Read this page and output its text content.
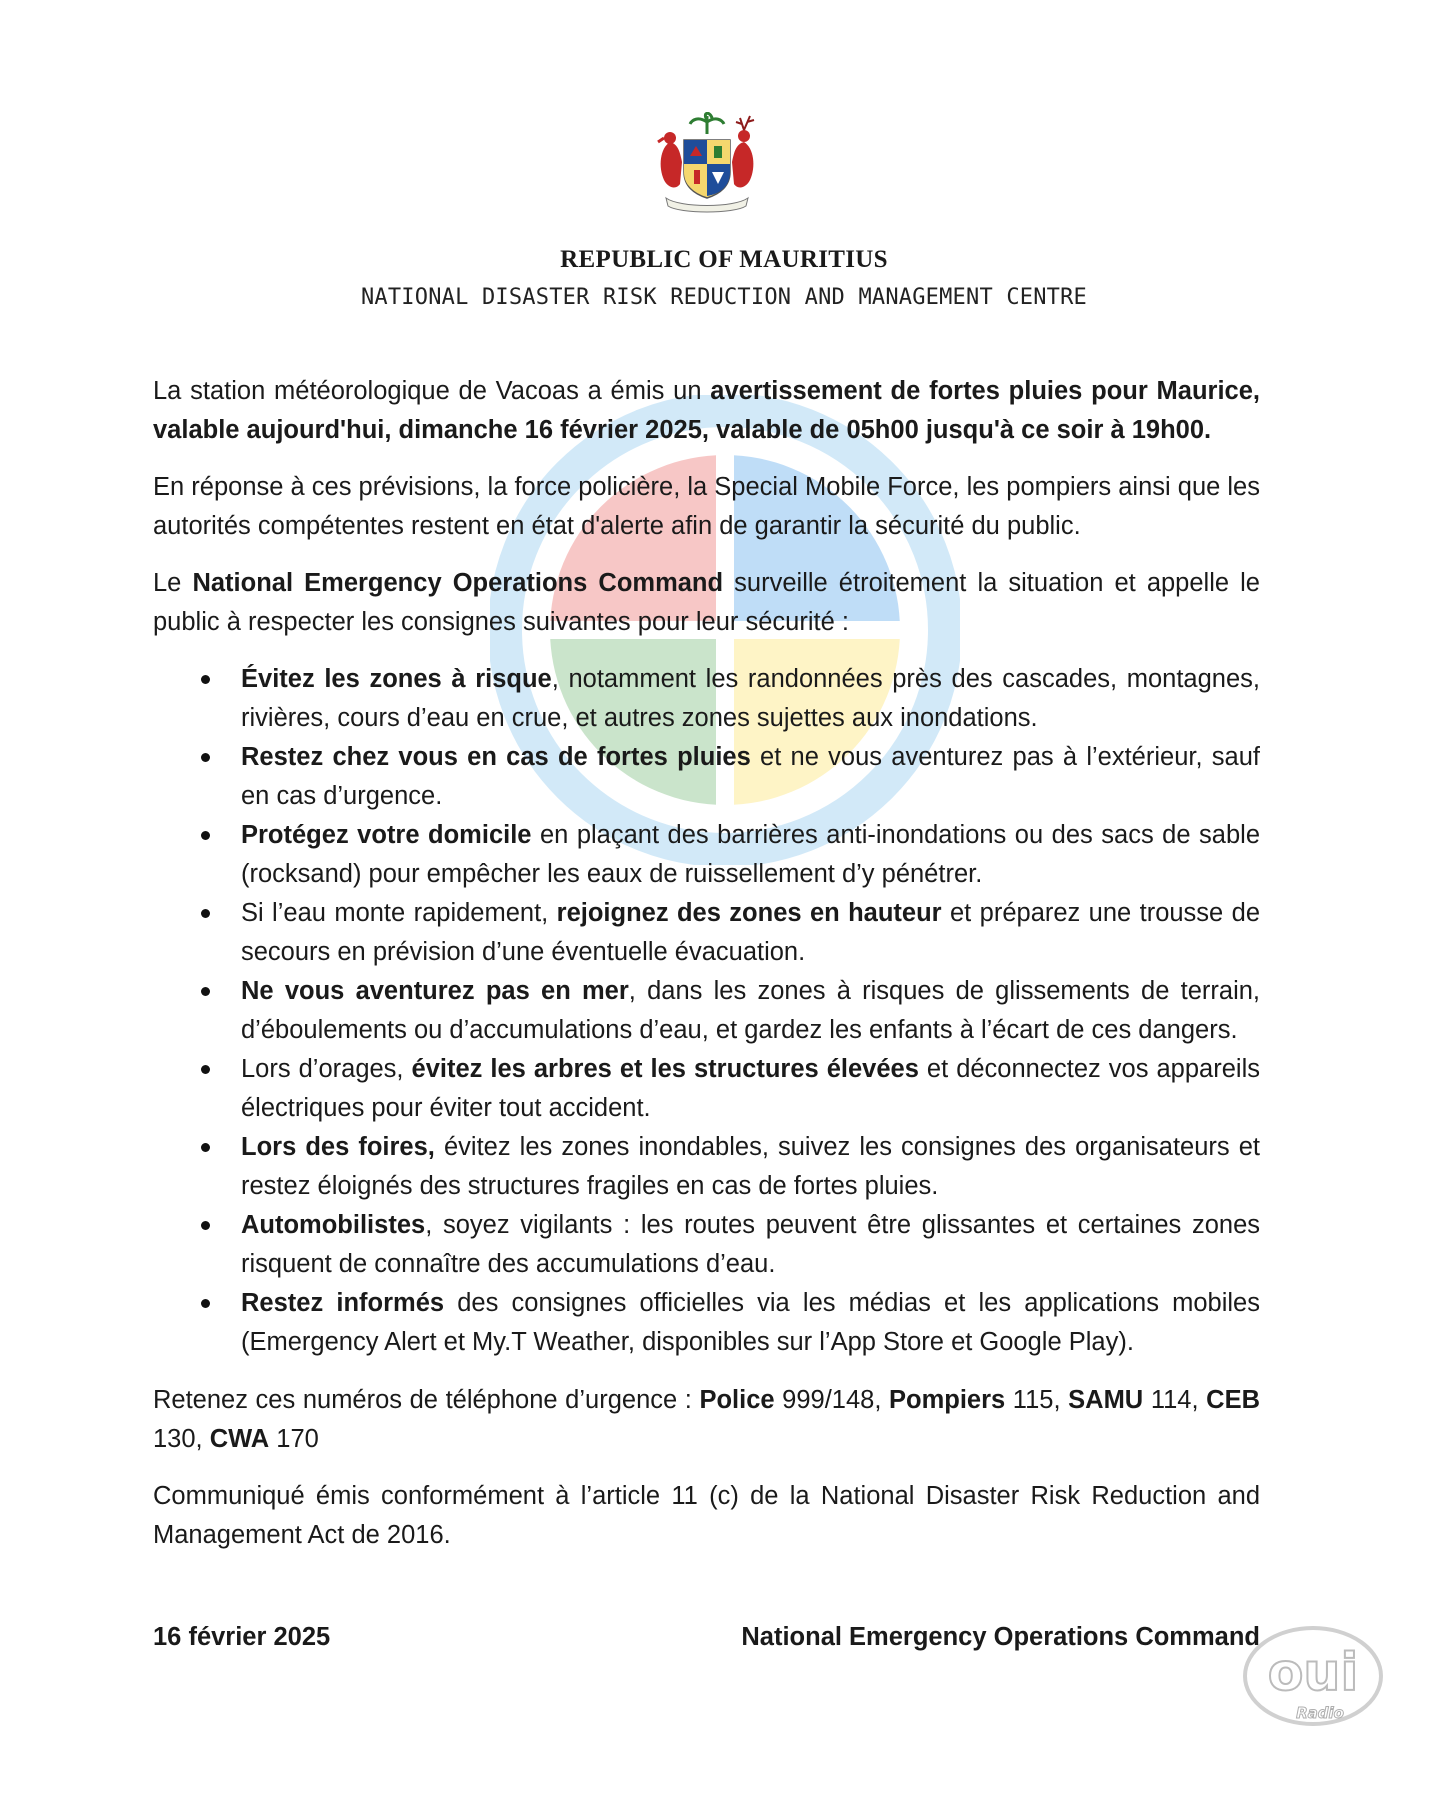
REPUBLIC OF MAURITIUS
NATIONAL DISASTER RISK REDUCTION AND MANAGEMENT CENTRE

La station météorologique de Vacoas a émis un avertissement de fortes pluies pour Maurice, valable aujourd'hui, dimanche 16 février 2025, valable de 05h00 jusqu'à ce soir à 19h00.

En réponse à ces prévisions, la force policière, la Special Mobile Force, les pompiers ainsi que les autorités compétentes restent en état d'alerte afin de garantir la sécurité du public.

Le National Emergency Operations Command surveille étroitement la situation et appelle le public à respecter les consignes suivantes pour leur sécurité :

Évitez les zones à risque, notamment les randonnées près des cascades, montagnes, rivières, cours d’eau en crue, et autres zones sujettes aux inondations.
Restez chez vous en cas de fortes pluies et ne vous aventurez pas à l’extérieur, sauf en cas d’urgence.
Protégez votre domicile en plaçant des barrières anti-inondations ou des sacs de sable (rocksand) pour empêcher les eaux de ruissellement d’y pénétrer.
Si l’eau monte rapidement, rejoignez des zones en hauteur et préparez une trousse de secours en prévision d’une éventuelle évacuation.
Ne vous aventurez pas en mer, dans les zones à risques de glissements de terrain, d’éboulements ou d’accumulations d’eau, et gardez les enfants à l’écart de ces dangers.
Lors d’orages, évitez les arbres et les structures élevées et déconnectez vos appareils électriques pour éviter tout accident.
Lors des foires, évitez les zones inondables, suivez les consignes des organisateurs et restez éloignés des structures fragiles en cas de fortes pluies.
Automobilistes, soyez vigilants : les routes peuvent être glissantes et certaines zones risquent de connaître des accumulations d’eau.
Restez informés des consignes officielles via les médias et les applications mobiles (Emergency Alert et My.T Weather, disponibles sur l’App Store et Google Play).

Retenez ces numéros de téléphone d’urgence : Police 999/148, Pompiers 115, SAMU 114, CEB 130, CWA 170

Communiqué émis conformément à l’article 11 (c) de la National Disaster Risk Reduction and Management Act de 2016.

16 février 2025	National Emergency Operations Command
oui
Radio
